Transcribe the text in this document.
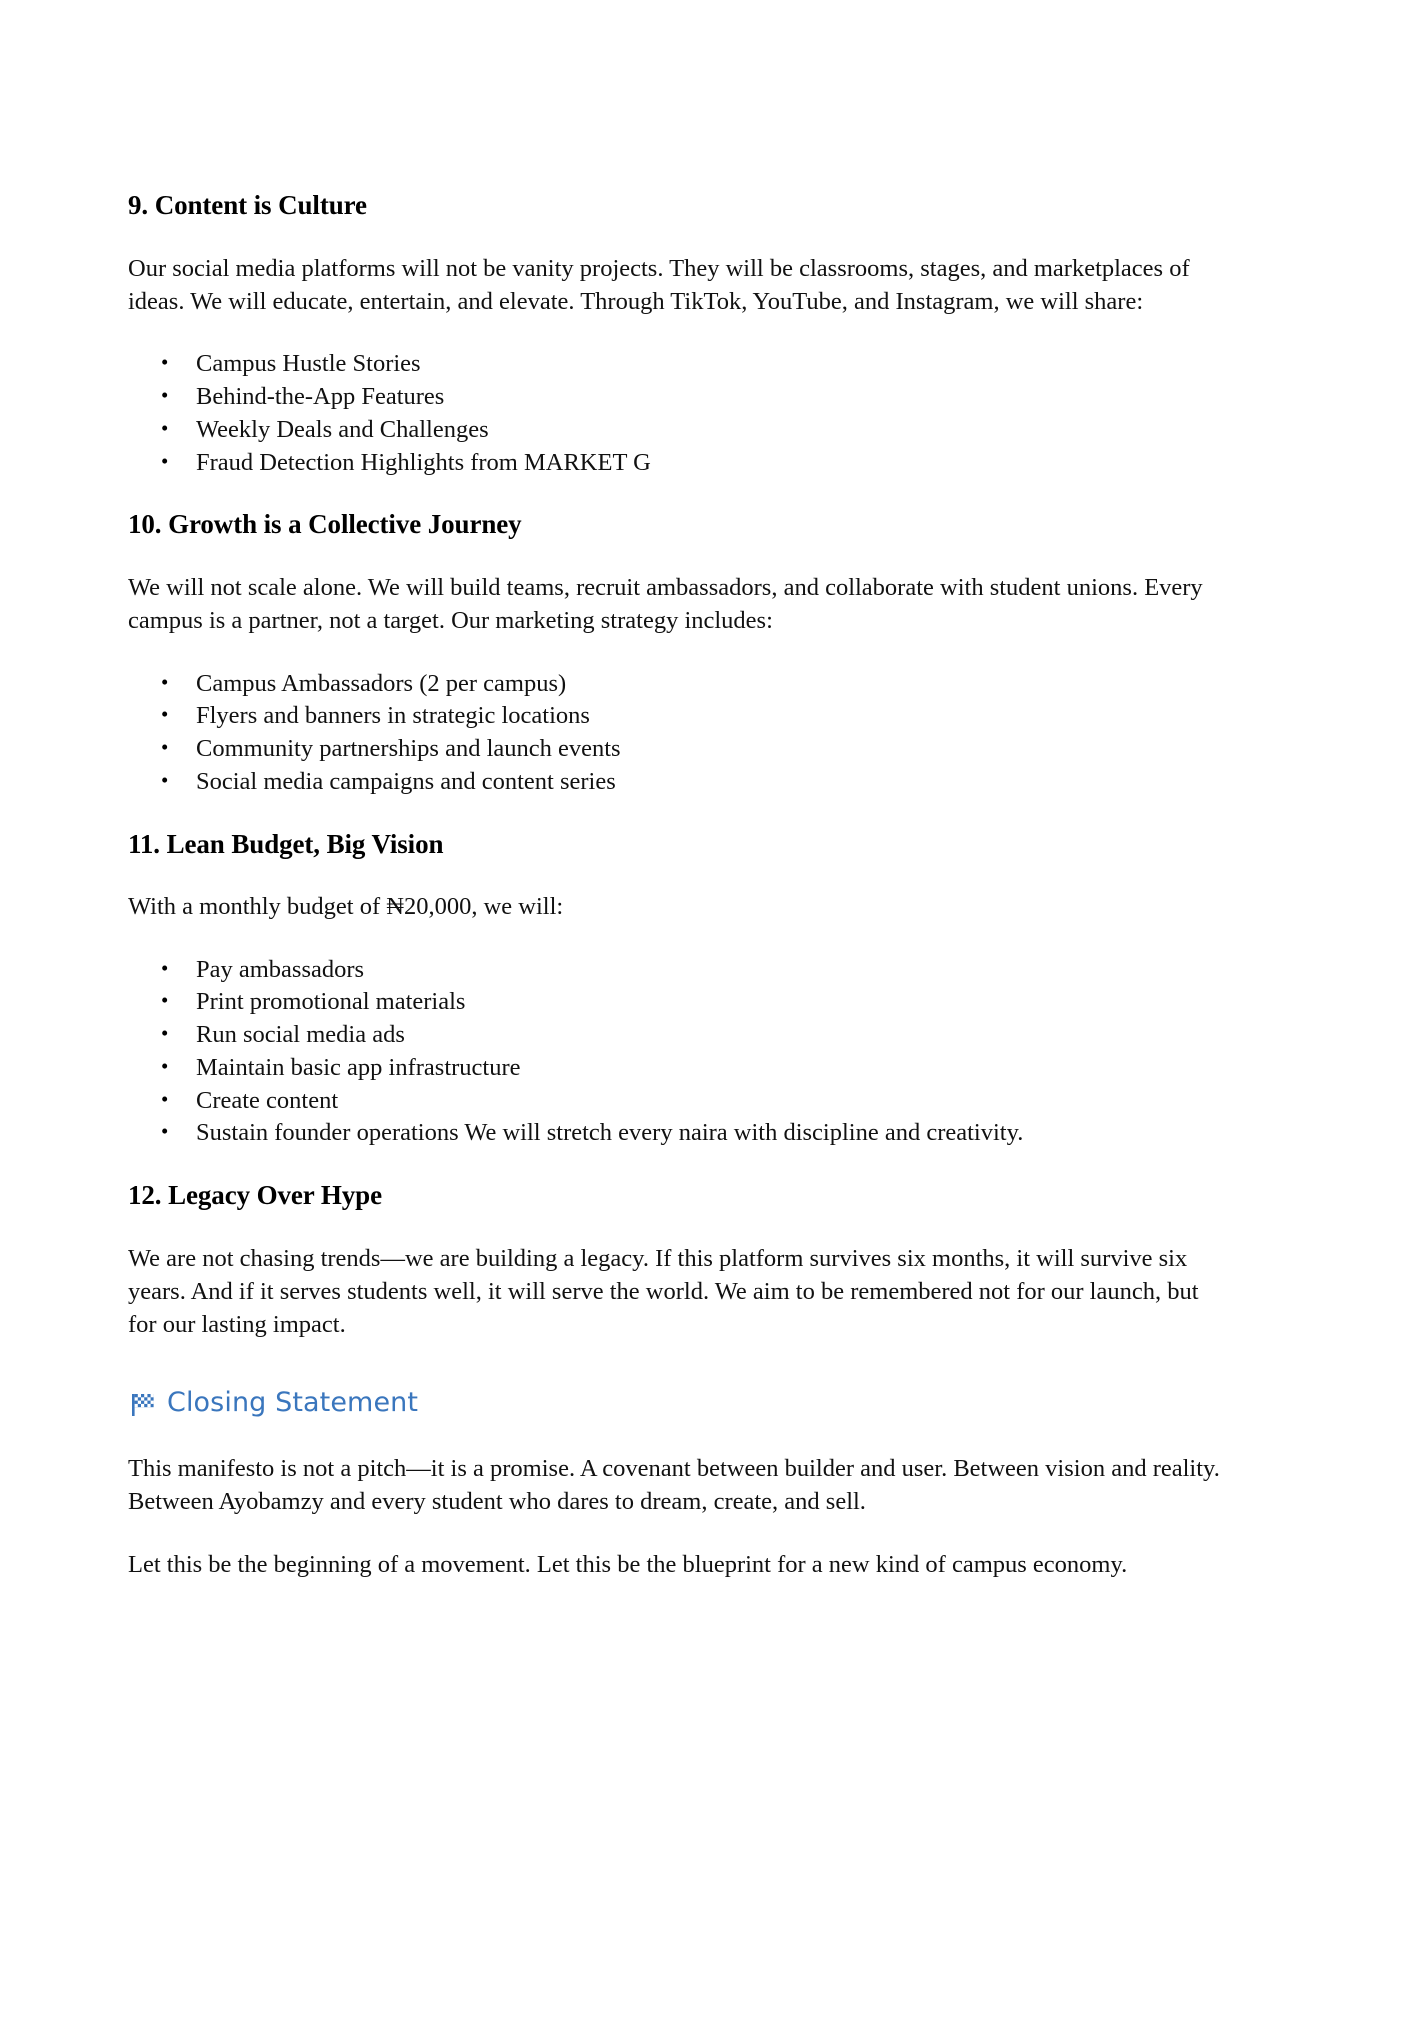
9. Content is Culture

Our social media platforms will not be vanity projects. They will be classrooms, stages, and marketplaces of ideas. We will educate, entertain, and elevate. Through TikTok, YouTube, and Instagram, we will share:

• Campus Hustle Stories
• Behind-the-App Features
• Weekly Deals and Challenges
• Fraud Detection Highlights from MARKET G
10. Growth is a Collective Journey

We will not scale alone. We will build teams, recruit ambassadors, and collaborate with student unions. Every campus is a partner, not a target. Our marketing strategy includes:

• Campus Ambassadors (2 per campus)
• Flyers and banners in strategic locations
• Community partnerships and launch events
• Social media campaigns and content series
11. Lean Budget, Big Vision

With a monthly budget of ₦20,000, we will:

• Pay ambassadors
• Print promotional materials
• Run social media ads
• Maintain basic app infrastructure
• Create content
• Sustain founder operations We will stretch every naira with discipline and creativity.
12. Legacy Over Hype

We are not chasing trends—we are building a legacy. If this platform survives six months, it will survive six years. And if it serves students well, it will serve the world. We aim to be remembered not for our launch, but for our lasting impact.

Closing Statement

This manifesto is not a pitch—it is a promise. A covenant between builder and user. Between vision and reality. Between Ayobamzy and every student who dares to dream, create, and sell.

Let this be the beginning of a movement. Let this be the blueprint for a new kind of campus economy.
